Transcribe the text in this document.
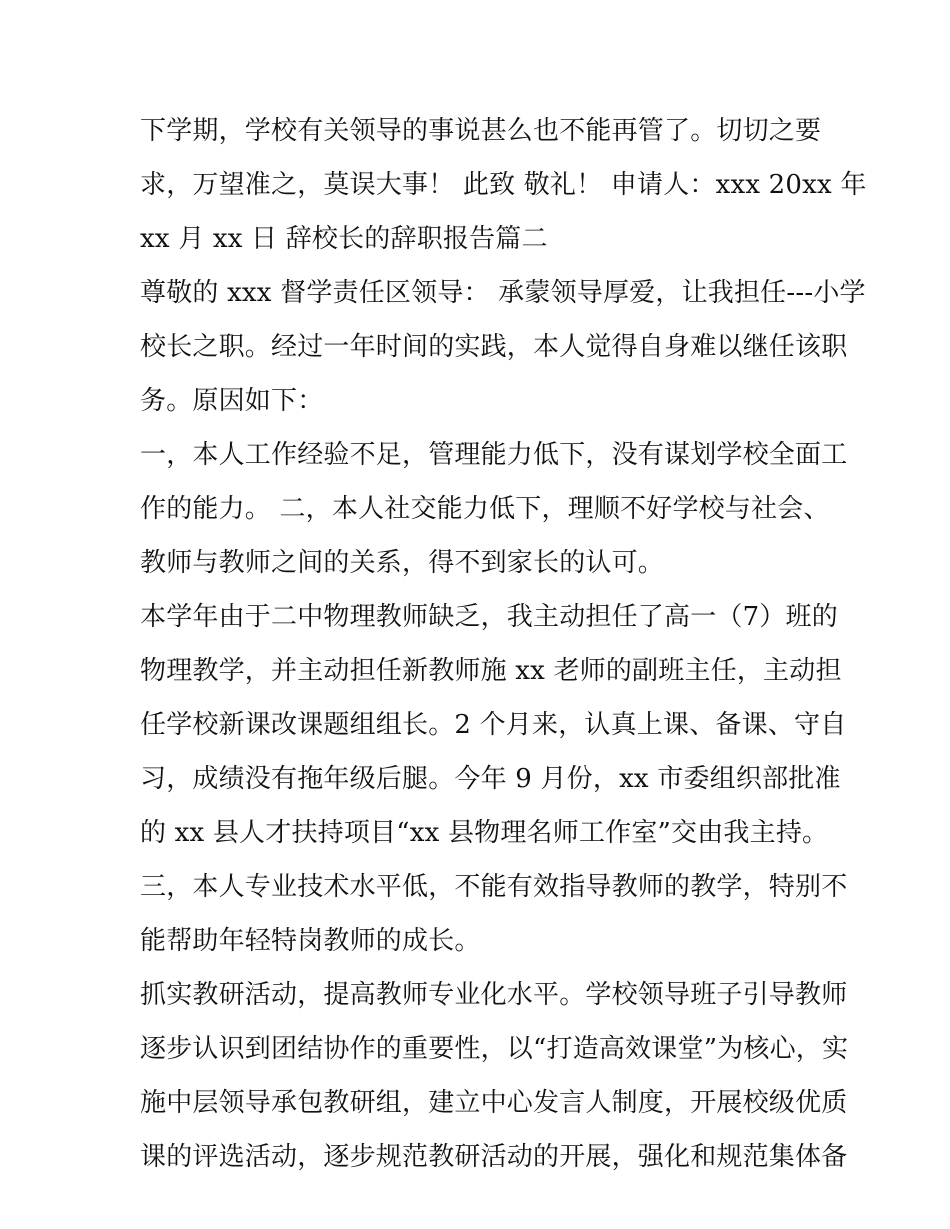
下学期，学校有关领导的事说甚么也不能再管了。切切之要
求，万望准之，莫误大事！ 此致 敬礼！ 申请人：xxx 20xx 年
xx 月 xx 日 辞校长的辞职报告篇二
尊敬的 xxx 督学责任区领导： 承蒙领导厚爱，让我担任---小学
校长之职。经过一年时间的实践，本人觉得自身难以继任该职
务。原因如下：
一，本人工作经验不足，管理能力低下，没有谋划学校全面工
作的能力。 二，本人社交能力低下，理顺不好学校与社会、
教师与教师之间的关系，得不到家长的认可。
本学年由于二中物理教师缺乏，我主动担任了高一（7）班的
物理教学，并主动担任新教师施 xx 老师的副班主任，主动担
任学校新课改课题组组长。2 个月来，认真上课、备课、守自
习，成绩没有拖年级后腿。今年 9 月份，xx 市委组织部批准
的 xx 县人才扶持项目“xx 县物理名师工作室”交由我主持。
三，本人专业技术水平低，不能有效指导教师的教学，特别不
能帮助年轻特岗教师的成长。
抓实教研活动，提高教师专业化水平。学校领导班子引导教师
逐步认识到团结协作的重要性，以“打造高效课堂”为核心，实
施中层领导承包教研组，建立中心发言人制度，开展校级优质
课的评选活动，逐步规范教研活动的开展，强化和规范集体备
